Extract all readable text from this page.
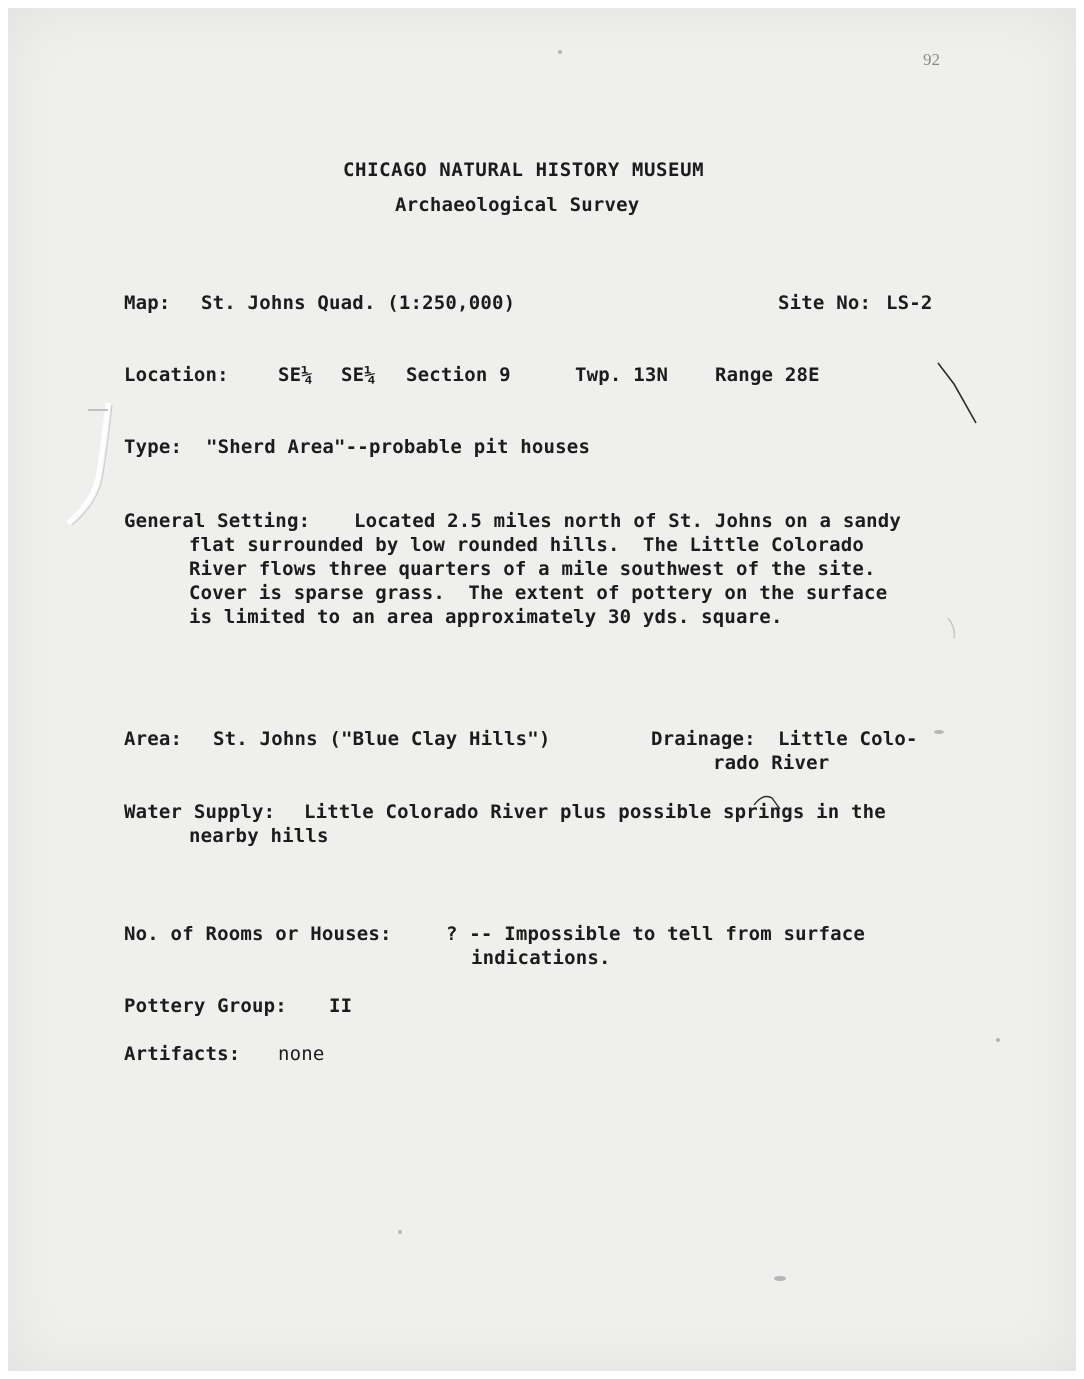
92
CHICAGO NATURAL HISTORY MUSEUM
Archaeological Survey
Map: St. Johns Quad. (1:250,000)	Site No: LS-2
Location:	SE¼ SE¼ Section 9	Twp. 13N Range 28E
Type: "Sherd Area"--probable pit houses
General Setting: Located 2.5 miles north of St. Johns on a sandy
flat surrounded by low rounded hills.  The Little Colorado
River flows three quarters of a mile southwest of the site.
Cover is sparse grass.  The extent of pottery on the surface
is limited to an area approximately 30 yds. square.
Area: St. Johns ("Blue Clay Hills")	Drainage: Little Colo-
rado River
Water Supply: Little Colorado River plus possible springs in the
nearby hills
No. of Rooms or Houses:	? -- Impossible to tell from surface
indications.
Pottery Group: II
Artifacts: none
